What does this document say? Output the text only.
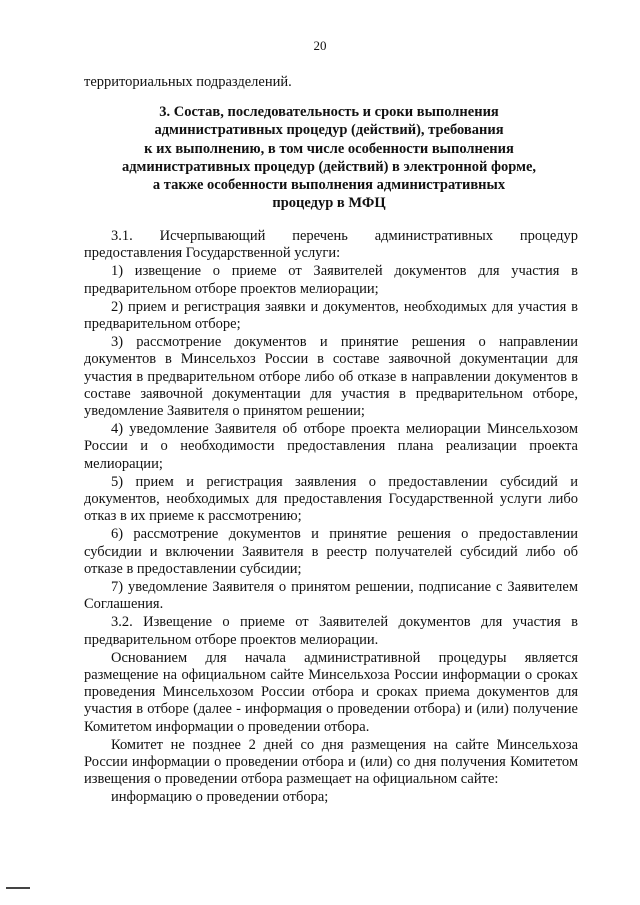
20
территориальных подразделений.
3. Состав, последовательность и сроки выполнения
административных процедур (действий), требования
к их выполнению, в том числе особенности выполнения
административных процедур (действий) в электронной форме,
а также особенности выполнения административных
процедур в МФЦ

3.1. Исчерпывающий перечень административных процедур предоставления Государственной услуги:

1) извещение о приеме от Заявителей документов для участия в предварительном отборе проектов мелиорации;

2) прием и регистрация заявки и документов, необходимых для участия в предварительном отборе;

3) рассмотрение документов и принятие решения о направлении документов в Минсельхоз России в составе заявочной документации для участия в предварительном отборе либо об отказе в направлении документов в составе заявочной документации для участия в предварительном отборе, уведомление Заявителя о принятом решении;

4) уведомление Заявителя об отборе проекта мелиорации Минсельхозом России и о необходимости предоставления плана реализации проекта мелиорации;

5) прием и регистрация заявления о предоставлении субсидий и документов, необходимых для предоставления Государственной услуги либо отказ в их приеме к рассмотрению;

6) рассмотрение документов и принятие решения о предоставлении субсидии и включении Заявителя в реестр получателей субсидий либо об отказе в предоставлении субсидии;

7) уведомление Заявителя о принятом решении, подписание с Заявителем Соглашения.

3.2. Извещение о приеме от Заявителей документов для участия в предварительном отборе проектов мелиорации.

Основанием для начала административной процедуры является размещение на официальном сайте Минсельхоза России информации о сроках проведения Минсельхозом России отбора и сроках приема документов для участия в отборе (далее - информация о проведении отбора) и (или) получение Комитетом информации о проведении отбора.

Комитет не позднее 2 дней со дня размещения на сайте Минсельхоза России информации о проведении отбора и (или) со дня получения Комитетом извещения о проведении отбора размещает на официальном сайте:

информацию о проведении отбора;
